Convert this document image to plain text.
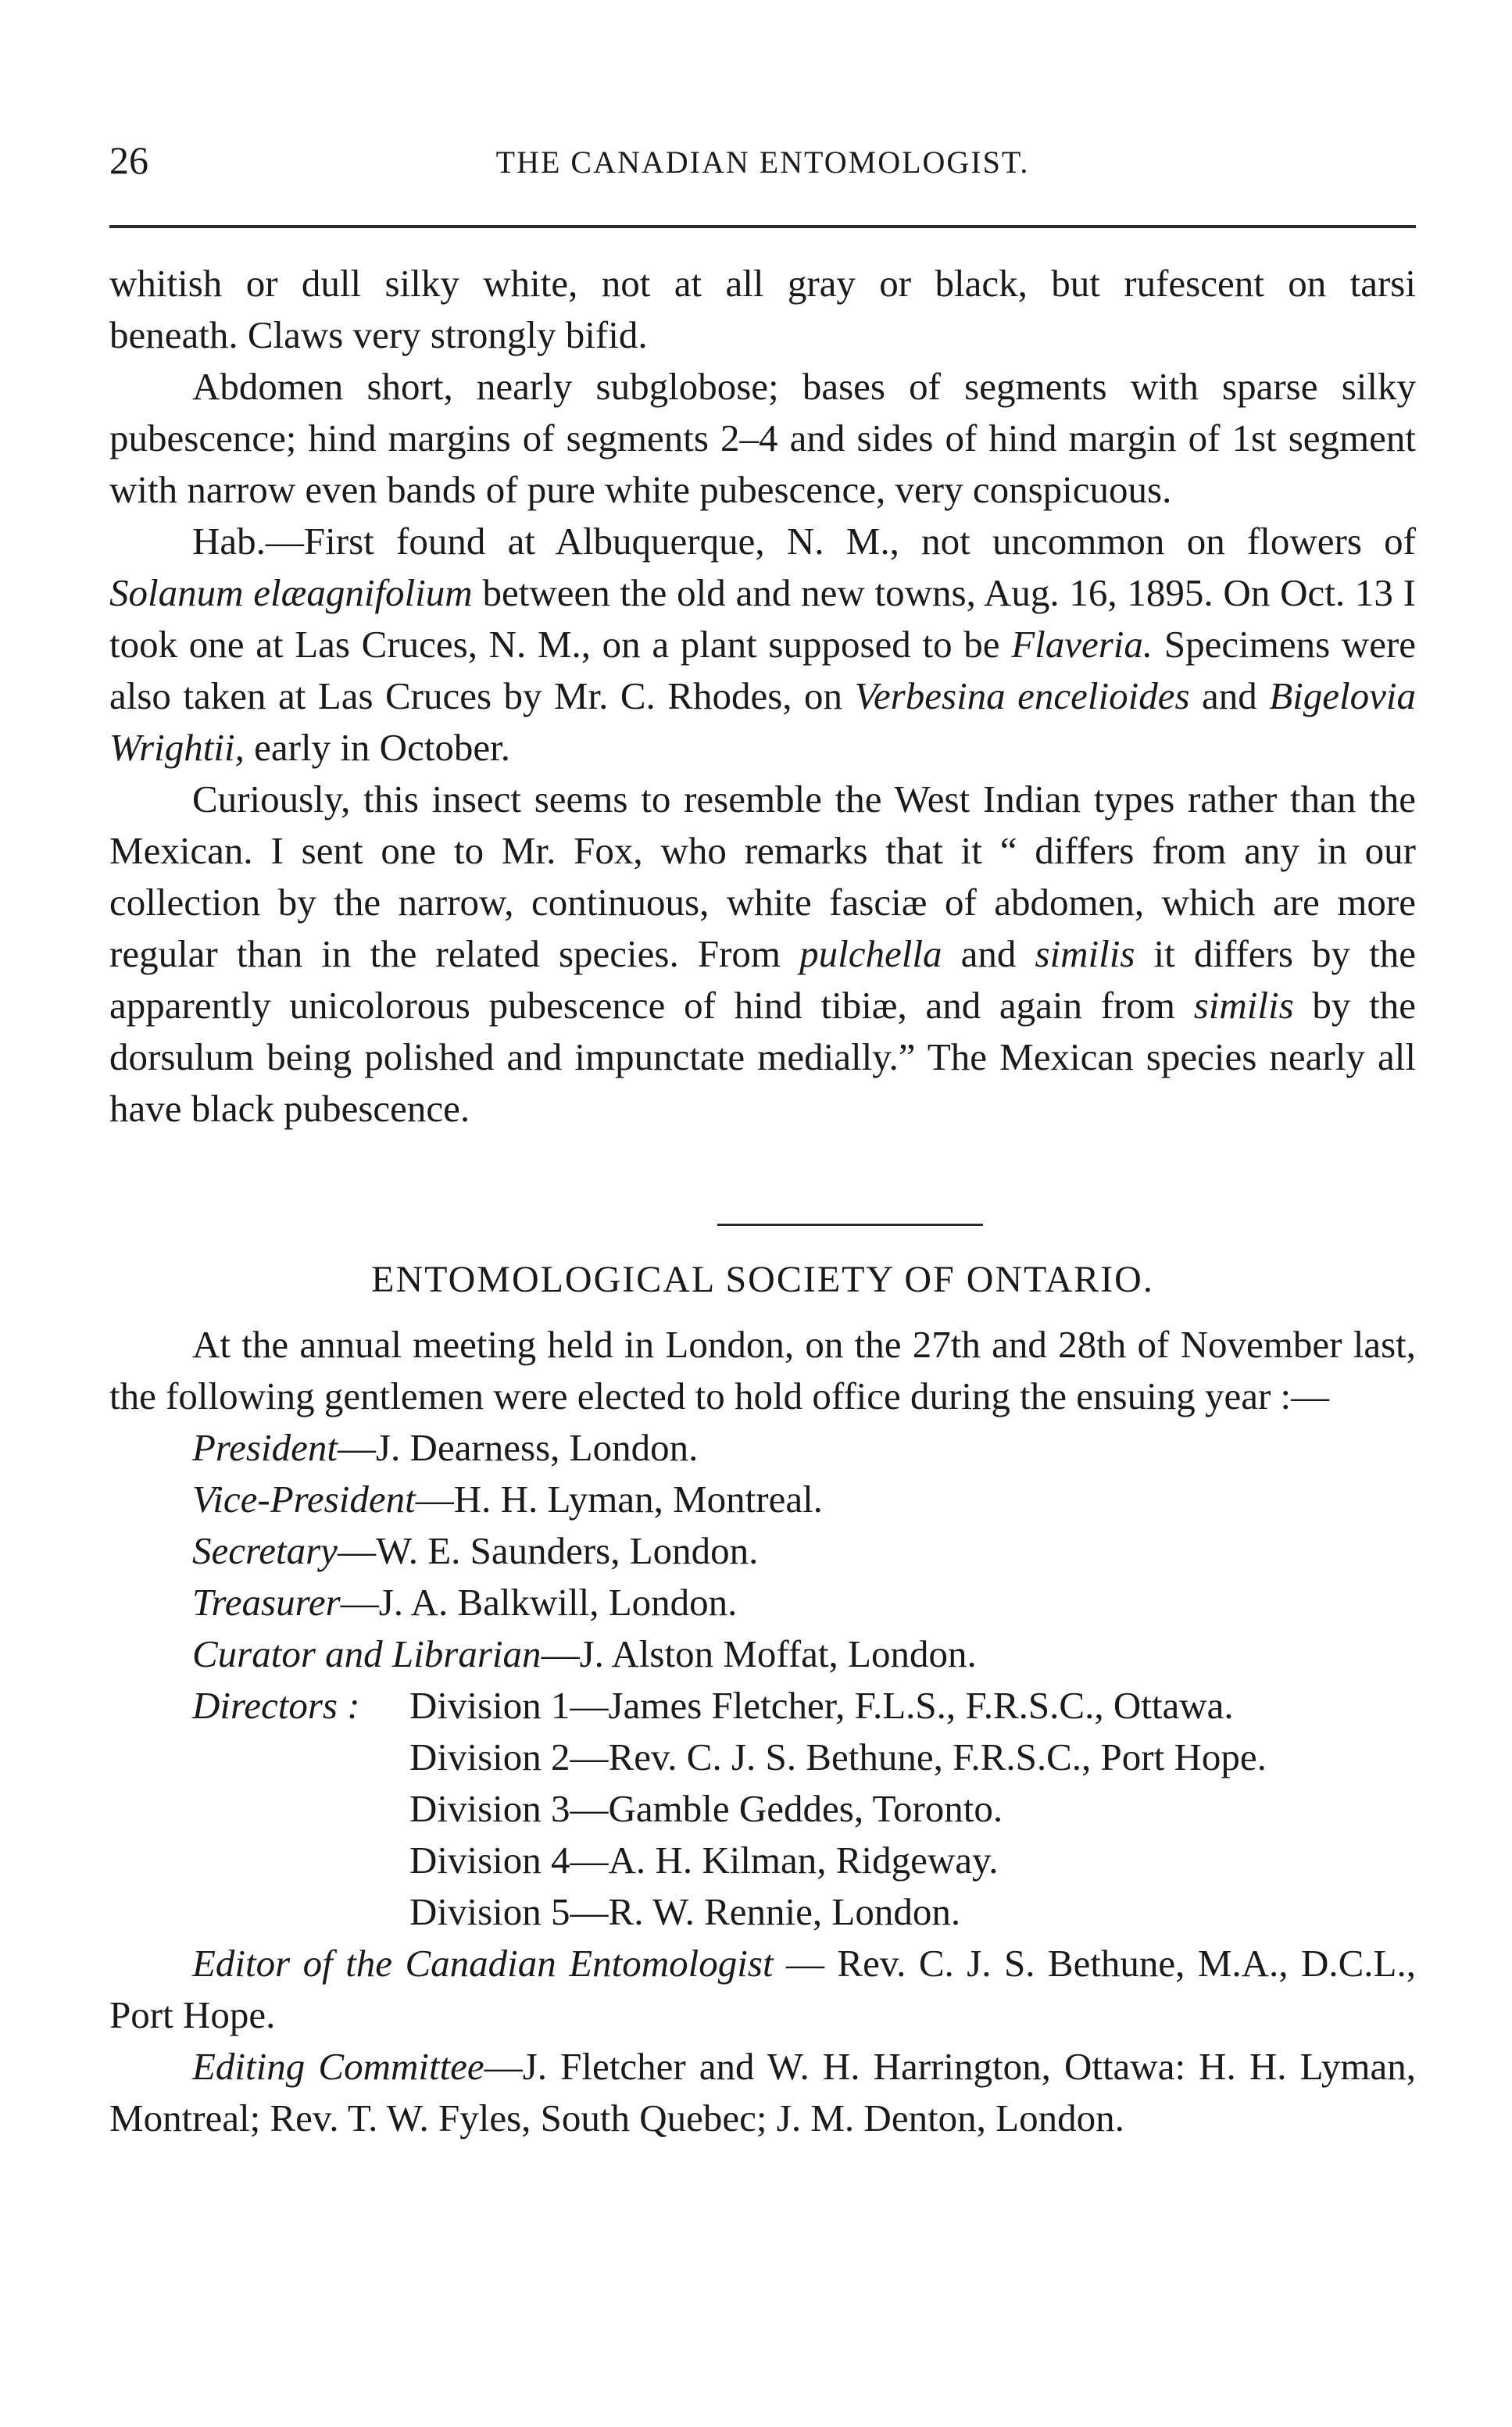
26	THE CANADIAN ENTOMOLOGIST.

whitish or dull silky white, not at all gray or black, but rufescent on tarsi

beneath. Claws very strongly bifid.

Abdomen short, nearly subglobose; bases of segments with sparse silky pubescence; hind margins of segments 2–4 and sides of hind margin of 1st segment with narrow even bands of pure white pubescence, very conspicuous.

Hab.—First found at Albuquerque, N. M., not uncommon on flowers of Solanum elæagnifolium between the old and new towns, Aug. 16, 1895. On Oct. 13 I took one at Las Cruces, N. M., on a plant supposed to be Flaveria. Specimens were also taken at Las Cruces by Mr. C. Rhodes, on Verbesina encelioides and Bigelovia Wrightii, early in October.

Curiously, this insect seems to resemble the West Indian types rather than the Mexican. I sent one to Mr. Fox, who remarks that it “ differs from any in our collection by the narrow, continuous, white fasciæ of abdomen, which are more regular than in the related species. From pulchella and similis it differs by the apparently unicolorous pubescence of hind tibiæ, and again from similis by the dorsulum being polished and impunctate medially.” The Mexican species nearly all have black pubescence.

ENTOMOLOGICAL SOCIETY OF ONTARIO.

At the annual meeting held in London, on the 27th and 28th of November last, the following gentlemen were elected to hold office during the ensuing year :—

President—J. Dearness, London.

Vice-President—H. H. Lyman, Montreal.

Secretary—W. E. Saunders, London.

Treasurer—J. A. Balkwill, London.

Curator and Librarian—J. Alston Moffat, London.

Directors :	Division 1—James Fletcher, F.L.S., F.R.S.C., Ottawa.

Division 2—Rev. C. J. S. Bethune, F.R.S.C., Port Hope.

Division 3—Gamble Geddes, Toronto.

Division 4—A. H. Kilman, Ridgeway.

Division 5—R. W. Rennie, London.

Editor of the Canadian Entomologist — Rev. C. J. S. Bethune, M.A., D.C.L., Port Hope.

Editing Committee—J. Fletcher and W. H. Harrington, Ottawa: H. H. Lyman, Montreal; Rev. T. W. Fyles, South Quebec; J. M. Denton, London.
